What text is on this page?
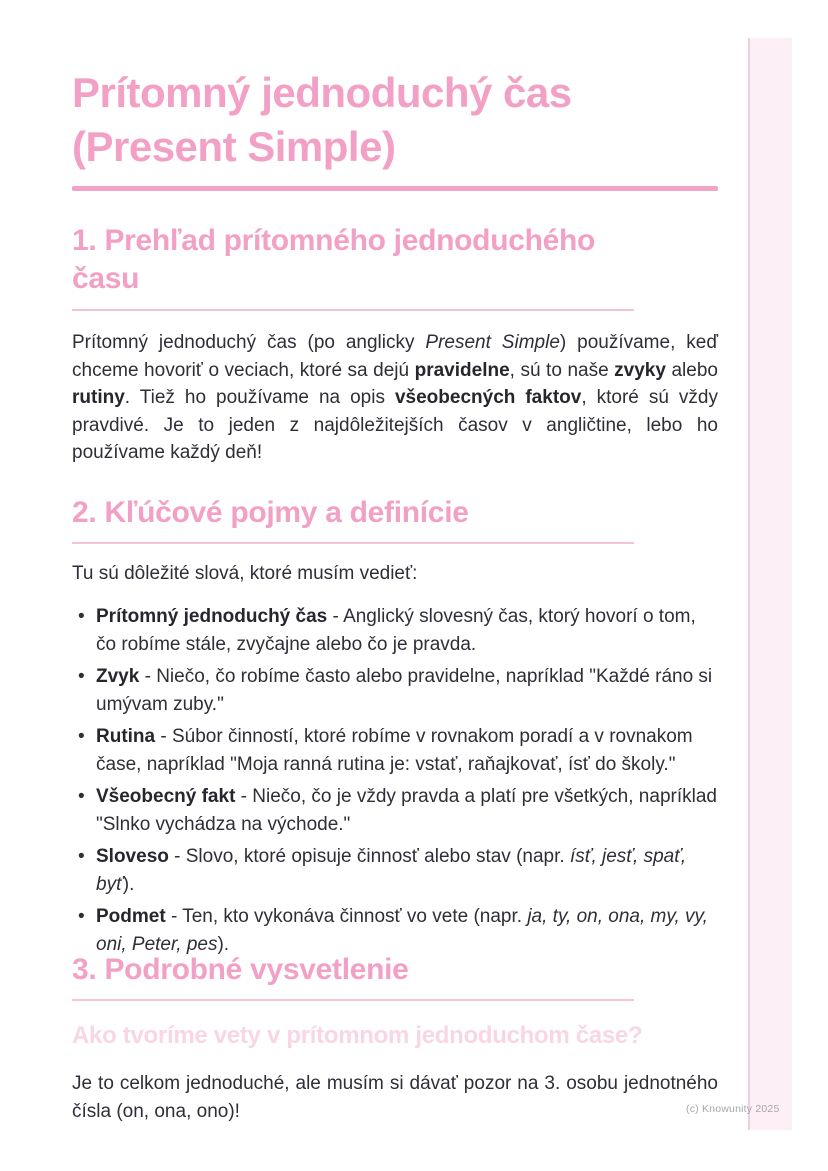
Prítomný jednoduchý čas
(Present Simple)
1. Prehľad prítomného jednoduchého
času

Prítomný jednoduchý čas (po anglicky Present Simple) používame, keď chceme hovoriť o veciach, ktoré sa dejú pravidelne, sú to naše zvyky alebo rutiny. Tiež ho používame na opis všeobecných faktov, ktoré sú vždy pravdivé. Je to jeden z najdôležitejších časov v angličtine, lebo ho používame každý deň!

2. Kľúčové pojmy a definície

Tu sú dôležité slová, ktoré musím vedieť:

• Prítomný jednoduchý čas - Anglický slovesný čas, ktorý hovorí o tom, čo robíme stále, zvyčajne alebo čo je pravda.
• Zvyk - Niečo, čo robíme často alebo pravidelne, napríklad "Každé ráno si umývam zuby."
• Rutina - Súbor činností, ktoré robíme v rovnakom poradí a v rovnakom čase, napríklad "Moja ranná rutina je: vstať, raňajkovať, ísť do školy."
• Všeobecný fakt - Niečo, čo je vždy pravda a platí pre všetkých, napríklad "Slnko vychádza na východe."
• Sloveso - Slovo, ktoré opisuje činnosť alebo stav (napr. ísť, jesť, spať, byť).
• Podmet - Ten, kto vykonáva činnosť vo vete (napr. ja, ty, on, ona, my, vy, oni, Peter, pes).
3. Podrobné vysvetlenie
Ako tvoríme vety v prítomnom jednoduchom čase?

Je to celkom jednoduché, ale musím si dávať pozor na 3. osobu jednotného čísla (on, ona, ono)!	(c) Knowunity 2025
